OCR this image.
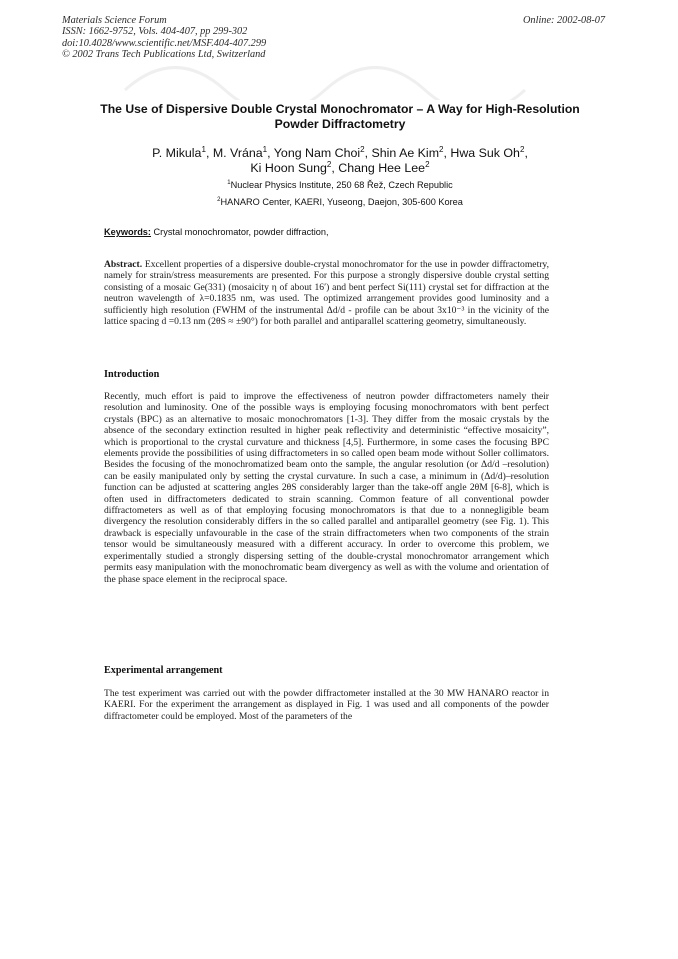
Materials Science Forum
ISSN: 1662-9752, Vols. 404-407, pp 299-302
doi:10.4028/www.scientific.net/MSF.404-407.299
© 2002 Trans Tech Publications Ltd, Switzerland
Online: 2002-08-07
The Use of Dispersive Double Crystal Monochromator – A Way for High-Resolution Powder Diffractometry
P. Mikula$^1$, M. Vrána$^1$, Yong Nam Choi$^2$, Shin Ae Kim$^2$, Hwa Suk Oh$^2$,
Ki Hoon Sung$^2$, Chang Hee Lee$^2$
$^1$Nuclear Physics Institute, 250 68 Řež, Czech Republic
$^2$HANARO Center, KAERI, Yuseong, Daejon, 305-600 Korea
Keywords: Crystal monochromator, powder diffraction,
Abstract. Excellent properties of a dispersive double-crystal monochromator for the use in powder diffractometry, namely for strain/stress measurements are presented. For this purpose a strongly dispersive double crystal setting consisting of a mosaic Ge(331) (mosaicity η of about 16′) and bent perfect Si(111) crystal set for diffraction at the neutron wavelength of λ=0.1835 nm, was used. The optimized arrangement provides good luminosity and a sufficiently high resolution (FWHM of the instrumental Δd/d - profile can be about 3x10⁻³ in the vicinity of the lattice spacing d =0.13 nm (2θS ≈ ±90°) for both parallel and antiparallel scattering geometry, simultaneously.
Introduction
Recently, much effort is paid to improve the effectiveness of neutron powder diffractometers namely their resolution and luminosity. One of the possible ways is employing focusing monochromators with bent perfect crystals (BPC) as an alternative to mosaic monochromators [1-3]. They differ from the mosaic crystals by the absence of the secondary extinction resulted in higher peak reflectivity and deterministic “effective mosaicity”, which is proportional to the crystal curvature and thickness [4,5]. Furthermore, in some cases the focusing BPC elements provide the possibilities of using diffractometers in so called open beam mode without Soller collimators. Besides the focusing of the monochromatized beam onto the sample, the angular resolution (or Δd/d –resolution) can be easily manipulated only by setting the crystal curvature. In such a case, a minimum in (Δd/d)–resolution function can be adjusted at scattering angles 2θS considerably larger than the take-off angle 2θM [6-8], which is often used in diffractometers dedicated to strain scanning. Common feature of all conventional powder diffractometers as well as of that employing focusing monochromators is that due to a nonnegligible beam divergency the resolution considerably differs in the so called parallel and antiparallel geometry (see Fig. 1). This drawback is especially unfavourable in the case of the strain diffractometers when two components of the strain tensor would be simultaneously measured with a different accuracy. In order to overcome this problem, we experimentally studied a strongly dispersing setting of the double-crystal monochromator arrangement which permits easy manipulation with the monochromatic beam divergency as well as with the volume and orientation of the phase space element in the reciprocal space.
Experimental arrangement
The test experiment was carried out with the powder diffractometer installed at the 30 MW HANARO reactor in KAERI. For the experiment the arrangement as displayed in Fig. 1 was used and all components of the powder diffractometer could be employed. Most of the parameters of the
